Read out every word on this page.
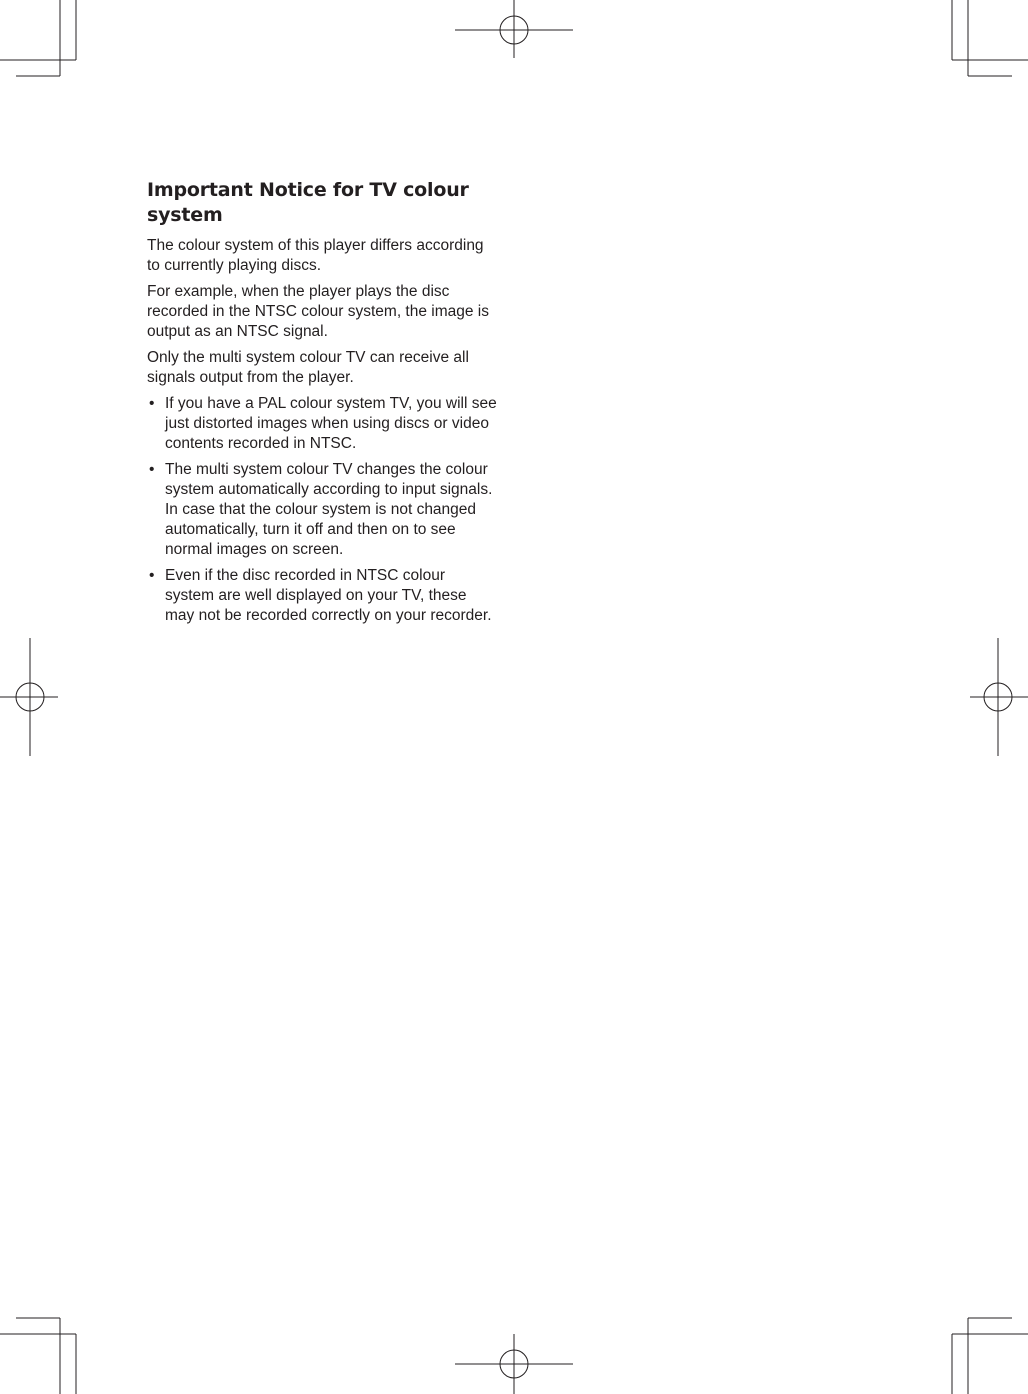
Important Notice for TV colour system

The colour system of this player differs according to currently playing discs.

For example, when the player plays the disc recorded in the NTSC colour system, the image is output as an NTSC signal.

Only the multi system colour TV can receive all signals output from the player.

• If you have a PAL colour system TV, you will see just distorted images when using discs or video contents recorded in NTSC.
• The multi system colour TV changes the colour system automatically according to input signals. In case that the colour system is not changed automatically, turn it off and then on to see normal images on screen.
• Even if the disc recorded in NTSC colour system are well displayed on your TV, these may not be recorded correctly on your recorder.
